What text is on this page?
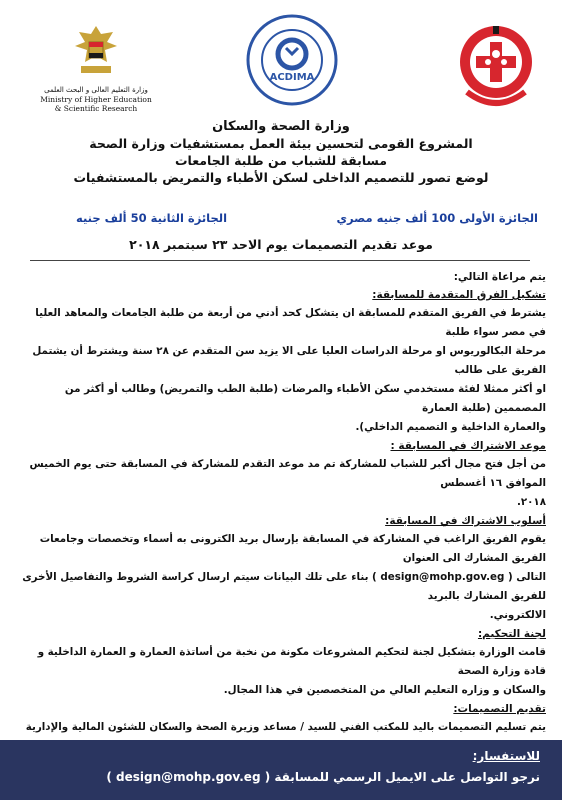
ACDIMA
وزارة التعليم العالى و البحث العلمى
Ministry of Higher Education
& Scientific Research
وزارة الصحة والسكان
المشروع القومى لتحسين بيئة العمل بمستشفيات وزارة الصحة
مسابقة للشباب من طلبة الجامعات
لوضع تصور للتصميم الداخلى لسكن الأطباء والتمريض بالمستشفيات
الجائزة الأولى 100 ألف جنيه مصري
الجائزة الثانية 50 ألف جنيه
موعد تقديم التصميمات يوم الاحد ٢٣ سبتمبر ٢٠١٨
يتم مراعاة التالي:
تشكيل الفرق المتقدمة للمسابقة:
يشترط في الفريق المتقدم للمسابقة ان يتشكل كحد أدني من أربعة من طلبة الجامعات والمعاهد العليا في مصر سواء طلبة
مرحلة البكالوريوس او مرحلة الدراسات العليا على الا يزيد سن المتقدم عن ٢٨ سنة ويشترط أن يشتمل الفريق على طالب
او أكثر ممثلا لفئة مستخدمي سكن الأطباء والمرضات (طلبة الطب والتمريض) وطالب أو أكثر من المصممين (طلبة العمارة
والعمارة الداخلية و التصميم الداخلي).
موعد الاشتراك في المسابقة :
من أجل فتح مجال أكبر للشباب للمشاركة تم مد موعد التقدم للمشاركة في المسابقة حتى يوم الخميس الموافق ١٦ أغسطس
٢٠١٨.
أسلوب الاشتراك في المسابقة:
يقوم الفريق الراغب في المشاركة في المسابقة بإرسال بريد الكترونى به أسماء وتخصصات وجامعات الفريق المشارك الى العنوان
التالى ( design@mohp.gov.eg ) بناء على تلك البيانات سيتم ارسال كراسة الشروط والتفاصيل الأخرى للفريق المشارك بالبريد
الالكتروني.
لجنة التحكيم:
قامت الوزارة بتشكيل لجنة لتحكيم المشروعات مكونة من نخبة من أساتذة العمارة و العمارة الداخلية و قادة وزارة الصحة
والسكان و وزاره التعليم العالي من المتخصصين في هذا المجال.
تقديم التصميمات:
يتم تسليم التصميمات باليد للمكتب الفني للسيد / مساعد وزيرة الصحة والسكان للشئون المالية والإدارية
للاستفسار:
نرجو التواصل على الايميل الرسمي للمسابقة ( design@mohp.gov.eg )
